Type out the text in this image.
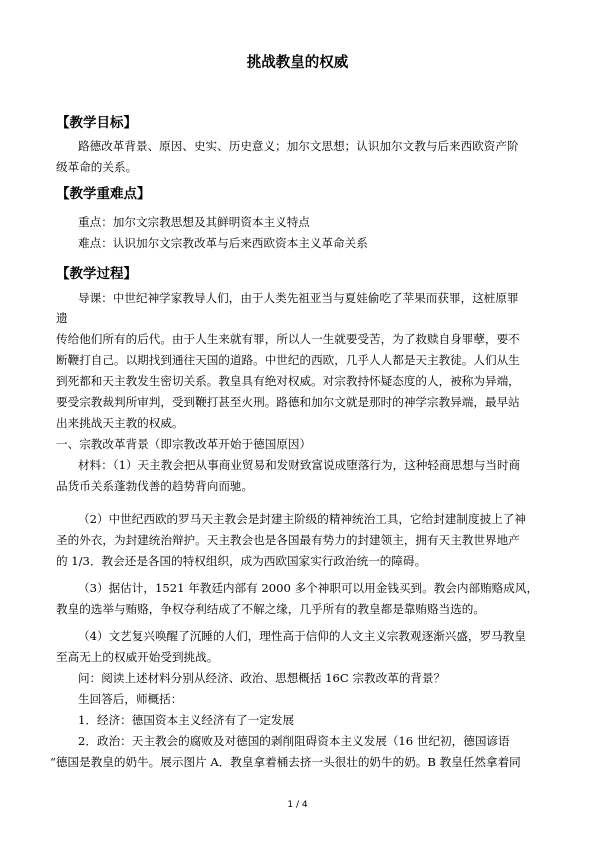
挑战教皇的权威
【教学目标】
路德改革背景、原因、史实、历史意义；加尔文思想；认识加尔文教与后来西欧资产阶
级革命的关系。
【教学重难点】
重点：加尔文宗教思想及其鲜明资本主义特点
难点：认识加尔文宗教改革与后来西欧资本主义革命关系
【教学过程】
导课：中世纪神学家教导人们，由于人类先祖亚当与夏娃偷吃了苹果而获罪，这桩原罪
遗
传给他们所有的后代。由于人生来就有罪，所以人一生就要受苦，为了救赎自身罪孽，要不
断鞭打自己。以期找到通往天国的道路。中世纪的西欧，几乎人人都是天主教徒。人们从生
到死都和天主教发生密切关系。教皇具有绝对权威。对宗教持怀疑态度的人，被称为异端，
要受宗教裁判所审判，受到鞭打甚至火刑。路德和加尔文就是那时的神学宗教异端，最早站
出来挑战天主教的权威。
一、宗教改革背景（即宗教改革开始于德国原因）
材料：（1）天主教会把从事商业贸易和发财致富说成堕落行为，这种轻商思想与当时商
品货币关系蓬勃伐善的趋势背向而驰。
（2）中世纪西欧的罗马天主教会是封建主阶级的精神统治工具，它给封建制度披上了神
圣的外衣，为封建统治辩护。天主教会也是各国最有势力的封建领主，拥有天主教世界地产
的 1/3．教会还是各国的特权组织，成为西欧国家实行政治统一的障碍。
（3）据估计，1521 年教廷内部有 2000 多个神职可以用金钱买到。教会内部贿赂成风，
教皇的选举与贿赂，争权夺利结成了不解之缘，几乎所有的教皇都是靠贿赂当选的。
（4）文艺复兴唤醒了沉睡的人们，理性高于信仰的人文主义宗教观逐渐兴盛，罗马教皇
至高无上的权威开始受到挑战。
问：阅读上述材料分别从经济、政治、思想概括 16C 宗教改革的背景？
生回答后，师概括：
1．经济：德国资本主义经济有了一定发展
2．政治：天主教会的腐败及对德国的剥削阻碍资本主义发展（16 世纪初，德国谚语
“德国是教皇的奶牛。展示图片 A．教皇拿着桶去挤一头很壮的奶牛的奶。B 教皇任然拿着同
1 / 4
